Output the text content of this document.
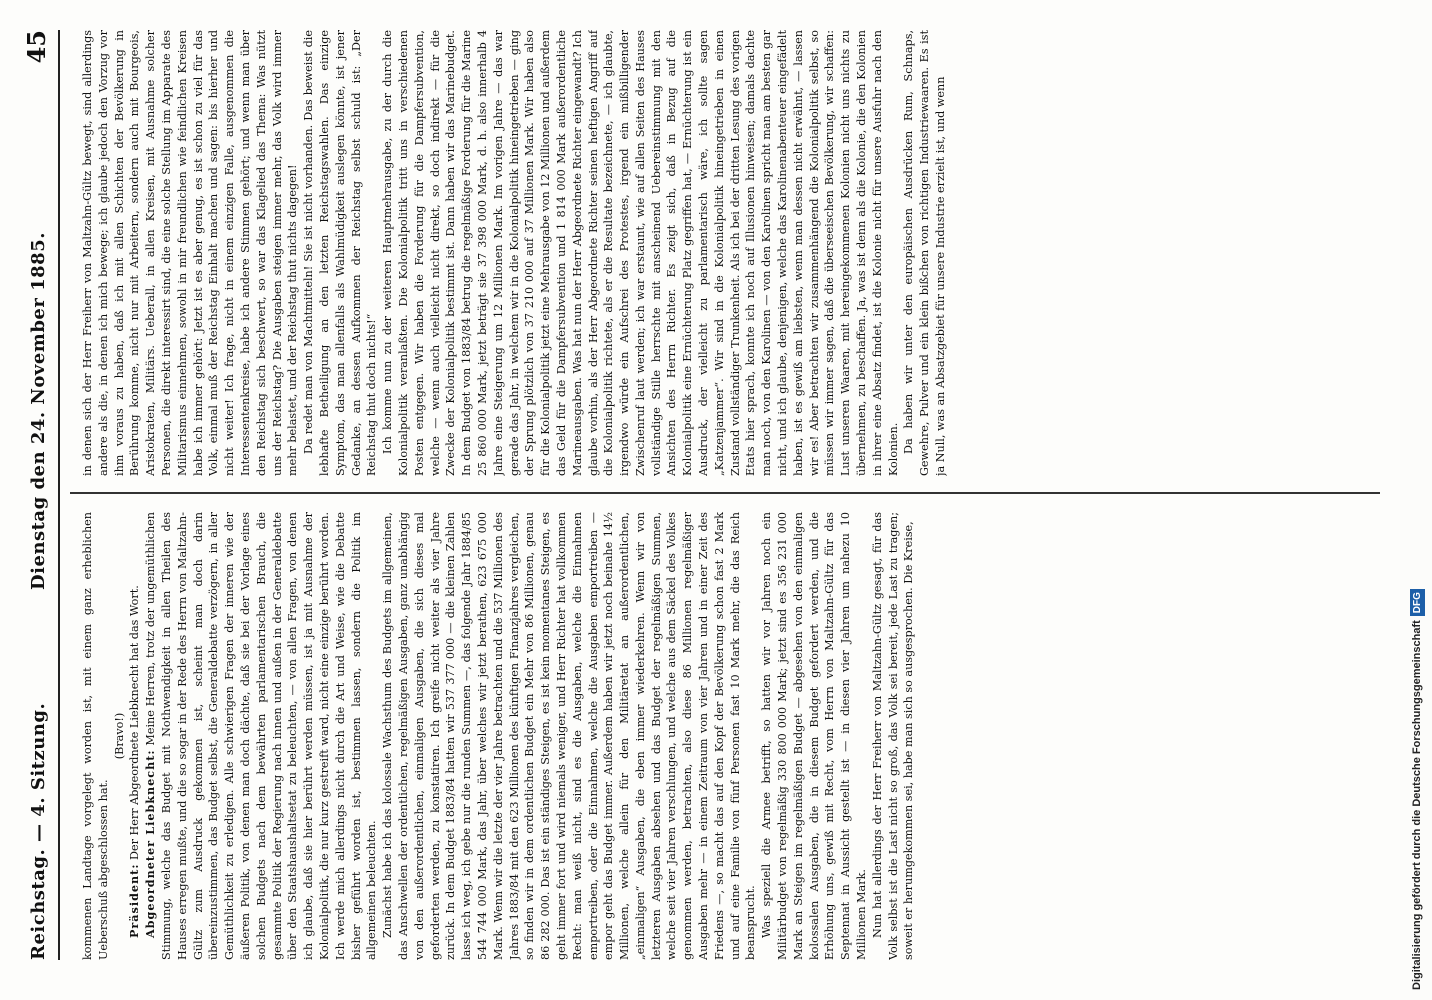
Reichstag. — 4. Sitzung.
Dienstag den 24. November 1885.
45

kommenen Landtage vorgelegt worden ist, mit einem ganz erheblichen Ueberschuß abgeschlossen hat.

(Bravo!)

Präsident: Der Herr Abgeordnete Liebknecht hat das Wort. Abgeordneter Liebknecht: Meine Herren, trotz der ungemüthlichen Stimmung, welche das Budget mit Nothwendigkeit in allen Theilen des Hauses erregen mußte, und die so sogar in der Rede des Herrn von Maltzahn-Gültz zum Ausdruck gekommen ist, scheint man doch darin übereinzustimmen, das Budget selbst, die Generaldebatte verzögern, in aller Gemüthlichkeit zu erledigen. Alle schwierigen Fragen der inneren wie der äußeren Politik, von denen man doch dächte, daß sie bei der Vorlage eines solchen Budgets nach dem bewährten parlamentarischen Brauch, die gesammte Politik der Regierung nach innen und außen in der Generaldebatte über den Staatshaushaltsetat zu beleuchten, — von allen Fragen, von denen ich glaube, daß sie hier berührt werden müssen, ist ja mit Ausnahme der Kolonialpolitik, die nur kurz gestreift ward, nicht eine einzige berührt worden. Ich werde mich allerdings nicht durch die Art und Weise, wie die Debatte bisher geführt worden ist, bestimmen lassen, sondern die Politik im allgemeinen beleuchten. Zunächst habe ich das kolossale Wachsthum des Budgets im allgemeinen, das Anschwellen der ordentlichen, regelmäßigen Ausgaben, ganz unabhängig von den außerordentlichen, einmaligen Ausgaben, die sich dieses mal geforderten werden, zu konstatiren. Ich greife nicht weiter als vier Jahre zurück. In dem Budget 1883/84 hatten wir 537 377 000 — die kleinen Zahlen lasse ich weg, ich gebe nur die runden Summen —, das folgende Jahr 1884/85 544 744 000 Mark, das Jahr, über welches wir jetzt berathen, 623 675 000 Mark. Wenn wir die letzte der vier Jahre betrachten und die 537 Millionen des Jahres 1883/84 mit den 623 Millionen des künftigen Finanzjahres vergleichen, so finden wir in dem ordentlichen Budget ein Mehr von 86 Millionen, genau 86 282 000. Das ist ein ständiges Steigen, es ist kein momentanes Steigen, es geht immer fort und wird niemals weniger, und Herr Richter hat vollkommen Recht: man weiß nicht, sind es die Ausgaben, welche die Einnahmen emportreiben, oder die Einnahmen, welche die Ausgaben emportreiben — empor geht das Budget immer. Außerdem haben wir jetzt noch beinahe 14½ Millionen, welche allein für den Militäretat an außerordentlichen, „einmaligen“ Ausgaben, die eben immer wiederkehren. Wenn wir von letzteren Ausgaben absehen und das Budget der regelmäßigen Summen, welche seit vier Jahren verschlungen, und welche aus dem Säckel des Volkes genommen werden, betrachten, also diese 86 Millionen regelmäßiger Ausgaben mehr — in einem Zeitraum von vier Jahren und in einer Zeit des Friedens —, so macht das auf den Kopf der Bevölkerung schon fast 2 Mark und auf eine Familie von fünf Personen fast 10 Mark mehr, die das Reich beansprucht. Was speziell die Armee betrifft, so hatten wir vor Jahren noch ein Militärbudget von regelmäßig 330 800 000 Mark; jetzt sind es 356 231 000 Mark an Steigen im regelmäßigen Budget — abgesehen von den einmaligen kolossalen Ausgaben, die in diesem Budget gefordert werden, und die Erhöhung uns, gewiß mit Recht, vom Herrn von Maltzahn-Gültz für das Septennat in Aussicht gestellt ist — in diesen vier Jahren um nahezu 10 Millionen Mark. Nun hat allerdings der Herr Freiherr von Maltzahn-Gültz gesagt, für das Volk selbst ist die Last nicht so groß, das Volk sei bereit, jede Last zu tragen; soweit er herumgekommen sei, habe man sich so ausgesprochen. Die Kreise,

in denen sich der Herr Freiherr von Maltzahn-Gültz bewegt, sind allerdings andere als die, in denen ich mich bewege; ich glaube jedoch den Vorzug vor ihm voraus zu haben, daß ich mit allen Schichten der Bevölkerung in Berührung komme, nicht nur mit Arbeitern, sondern auch mit Bourgeois, Aristokraten, Militärs. Ueberall, in allen Kreisen, mit Ausnahme solcher Personen, die direkt interessirt sind, die eine solche Stellung im Apparate des Militarismus einnehmen, sowohl in mir freundlichen wie feindlichen Kreisen habe ich immer gehört: Jetzt ist es aber genug, es ist schon zu viel für das Volk, einmal muß der Reichstag Einhalt machen und sagen: bis hierher und nicht weiter! Ich frage, nicht in einem einzigen Falle, ausgenommen die Interessentenkreise, habe ich andere Stimmen gehört; und wenn man über den Reichstag sich beschwert, so war das Klagelied das Thema: Was nützt uns der Reichstag? Die Ausgaben steigen immer mehr, das Volk wird immer mehr belastet, und der Reichstag thut nichts dagegen! Da redet man von Machtmitteln! Sie ist nicht vorhanden. Das beweist die lebhafte Betheiligung an den letzten Reichstagswahlen. Das einzige Symptom, das man allenfalls als Wahlmüdigkeit auslegen könnte, ist jener Gedanke, an dessen Aufkommen der Reichstag selbst schuld ist: „Der Reichstag thut doch nichts!“ Ich komme nun zu der weiteren Hauptmehrausgabe, zu der durch die Kolonialpolitik veranlaßten. Die Kolonialpolitik tritt uns in verschiedenen Posten entgegen. Wir haben die Forderung für die Dampfersubvention, welche — wenn auch vielleicht nicht direkt, so doch indirekt — für die Zwecke der Kolonialpolitik bestimmt ist. Dann haben wir das Marinebudget. In dem Budget von 1883/84 betrug die regelmäßige Forderung für die Marine 25 860 000 Mark, jetzt beträgt sie 37 398 000 Mark, d. h. also innerhalb 4 Jahre eine Steigerung um 12 Millionen Mark. Im vorigen Jahre — das war gerade das Jahr, in welchem wir in die Kolonialpolitik hineingetrieben — ging der Sprung plötzlich von 37 210 000 auf 37 Millionen Mark. Wir haben also für die Kolonialpolitik jetzt eine Mehrausgabe von 12 Millionen und außerdem das Geld für die Dampfersubvention und 1 814 000 Mark außerordentliche Marineausgaben. Was hat nun der Herr Abgeordnete Richter eingewandt? Ich glaube vorhin, als der Herr Abgeordnete Richter seinen heftigen Angriff auf die Kolonialpolitik richtete, als er die Resultate bezeichnete, — ich glaubte, irgendwo würde ein Aufschrei des Protestes, irgend ein mißbilligender Zwischenruf laut werden; ich war erstaunt, wie auf allen Seiten des Hauses vollständige Stille herrschte mit anscheinend Uebereinstimmung mit den Ansichten des Herrn Richter. Es zeigt sich, daß in Bezug auf die Kolonialpolitik eine Ernüchterung Platz gegriffen hat, — Ernüchterung ist ein Ausdruck, der vielleicht zu parlamentarisch wäre, ich sollte sagen „Katzenjammer“. Wir sind in die Kolonialpolitik hineingetrieben in einen Zustand vollständiger Trunkenheit. Als ich bei der dritten Lesung des vorigen Etats hier sprach, konnte ich noch auf Illusionen hinweisen; damals dachte man noch, von den Karolinen — von den Karolinen spricht man am besten gar nicht, und ich glaube, denjenigen, welche das Karolinenabenteuer eingefädelt haben, ist es gewiß am liebsten, wenn man dessen nicht erwähnt, — lassen wir es! Aber betrachten wir zusammenhängend die Kolonialpolitik selbst, so müssen wir immer sagen, daß die überseeischen Bevölkerung, wir schaffen: Lust unseren Waaren, mit hereingekommenen Kolonien nicht uns nichts zu übernehmen, zu beschaffen. Ja, was ist denn als die Kolonie, die den Kolonien in ihrer eine Absatz findet, ist die Kolonie nicht für unsere Ausfuhr nach den Kolonien. Da haben wir unter den europäischen Ausdrücken Rum, Schnaps, Gewehre, Pulver und ein klein bißchen von richtigen Industriewaaren. Es ist ja Null, was an Absatzgebiet für unsere Industrie erzielt ist, und wenn

Digitalisierung gefördert durch die Deutsche Forschungsgemeinschaft
DFG
